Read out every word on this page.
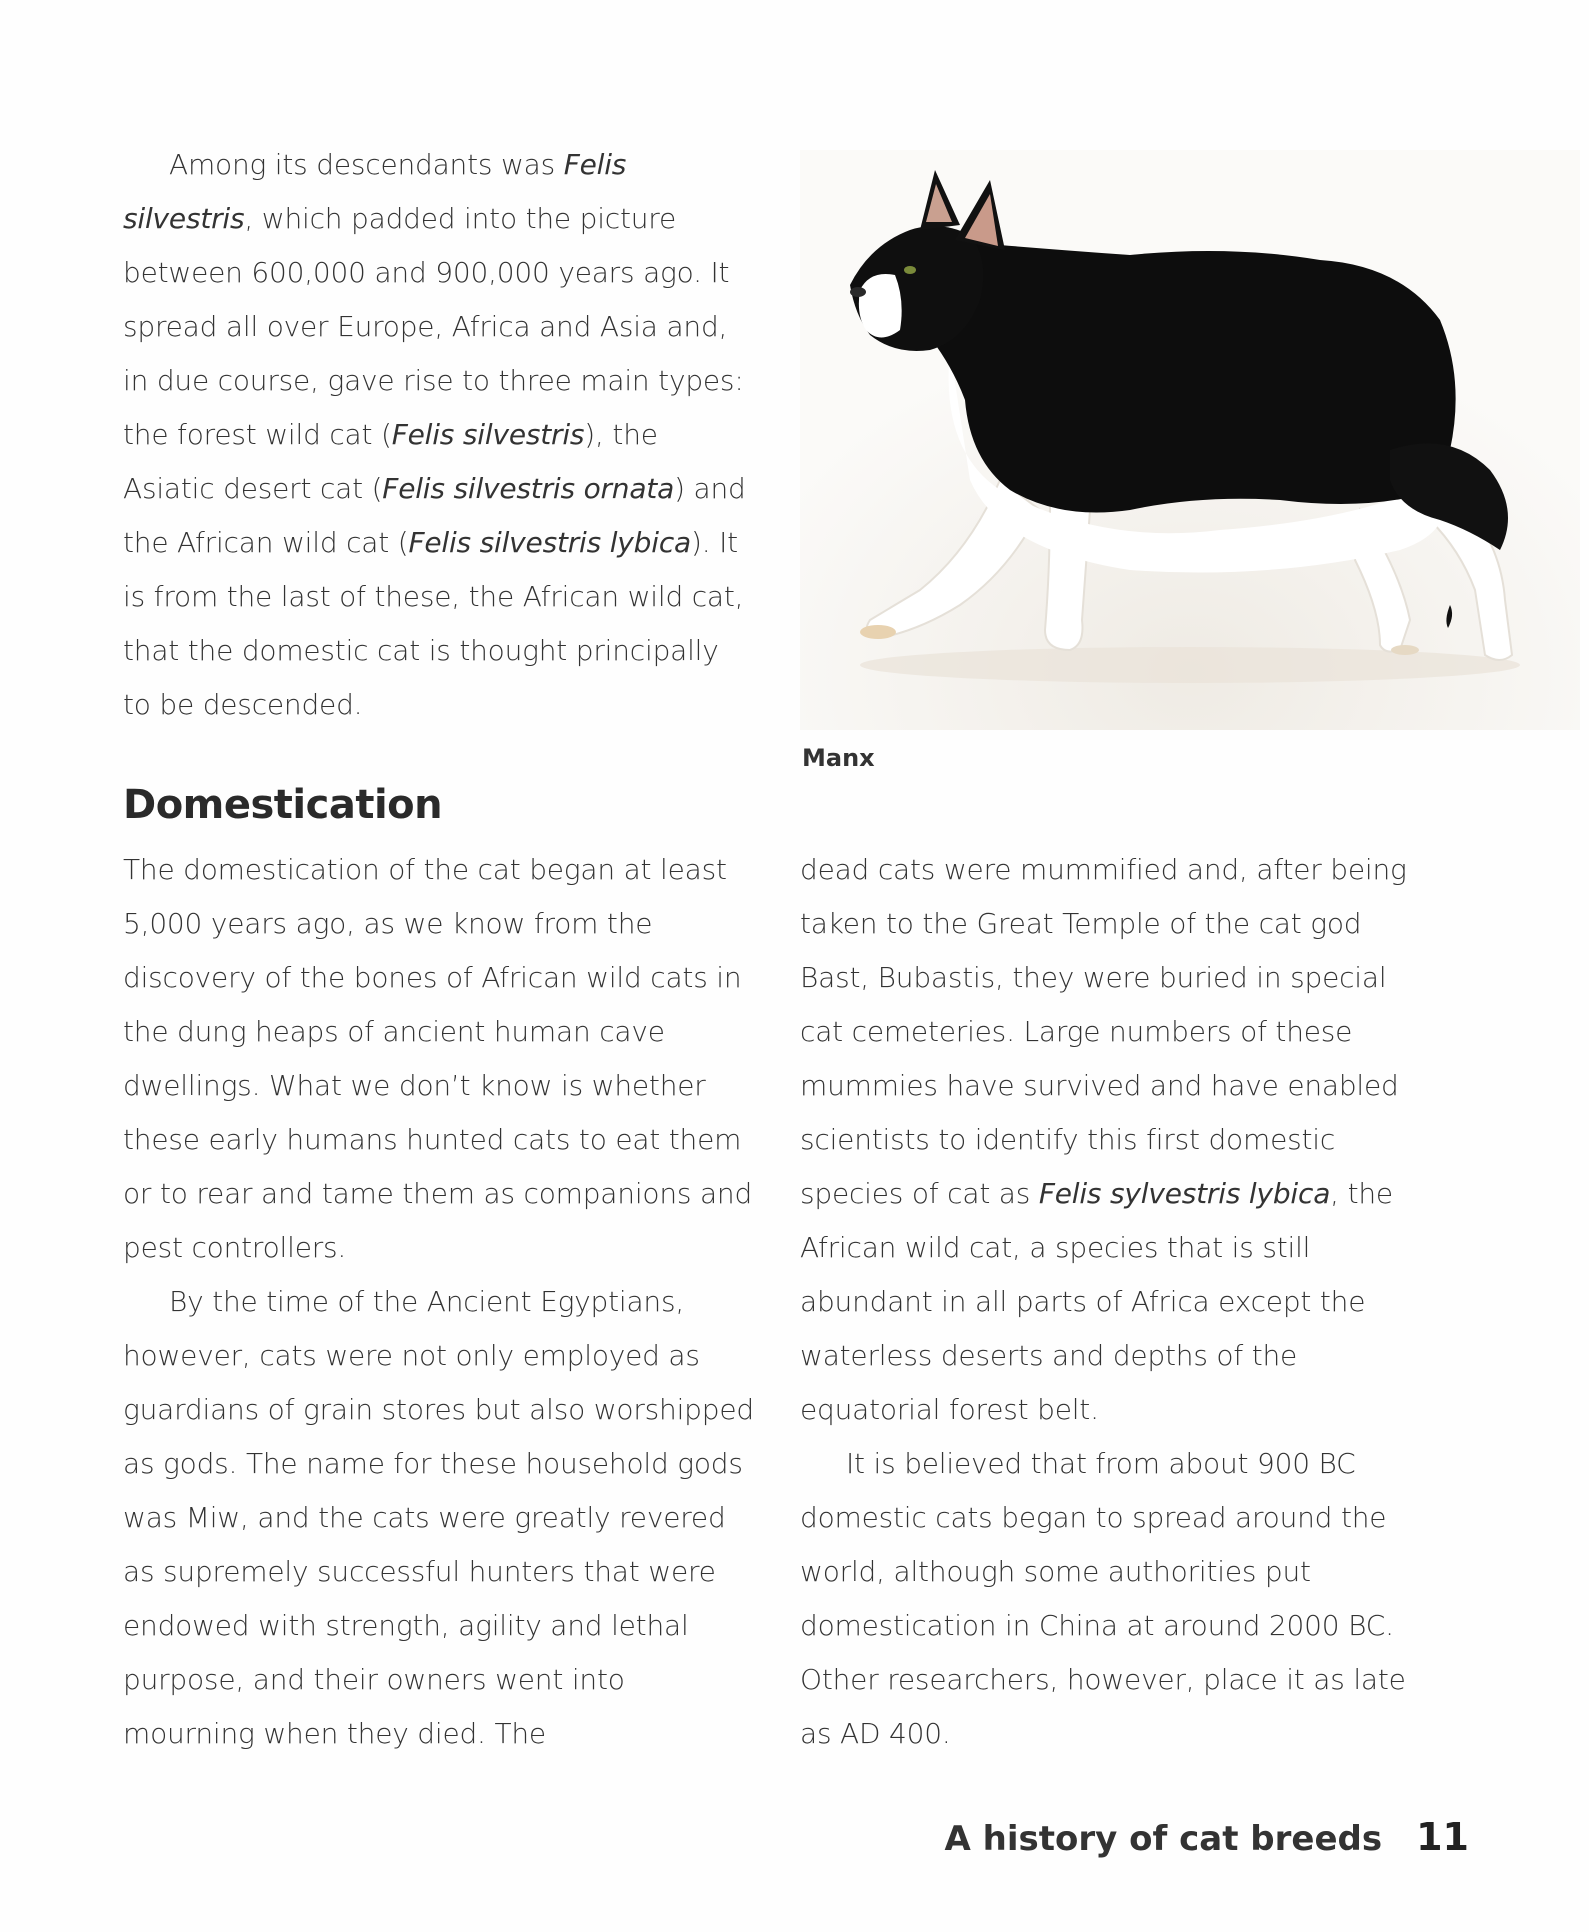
Among its descendants was Felis silvestris, which padded into the picture between 600,000 and 900,000 years ago. It spread all over Europe, Africa and Asia and, in due course, gave rise to three main types: the forest wild cat (Felis silvestris), the Asiatic desert cat (Felis silvestris ornata) and the African wild cat (Felis silvestris lybica). It is from the last of these, the African wild cat, that the domestic cat is thought principally to be descended.

Manx
Domestication

The domestication of the cat began at least 5,000 years ago, as we know from the discovery of the bones of African wild cats in the dung heaps of ancient human cave dwellings. What we don’t know is whether these early humans hunted cats to eat them or to rear and tame them as companions and pest controllers.

By the time of the Ancient Egyptians, however, cats were not only employed as guardians of grain stores but also worshipped as gods. The name for these household gods was Miw, and the cats were greatly revered as supremely successful hunters that were endowed with strength, agility and lethal purpose, and their owners went into mourning when they died. The

dead cats were mummified and, after being taken to the Great Temple of the cat god Bast, Bubastis, they were buried in special cat cemeteries. Large numbers of these mummies have survived and have enabled scientists to identify this first domestic species of cat as Felis sylvestris lybica, the African wild cat, a species that is still abundant in all parts of Africa except the waterless deserts and depths of the equatorial forest belt.

It is believed that from about 900 BC domestic cats began to spread around the world, although some authorities put domestication in China at around 2000 BC. Other researchers, however, place it as late as AD 400.

A history of cat breeds 11
